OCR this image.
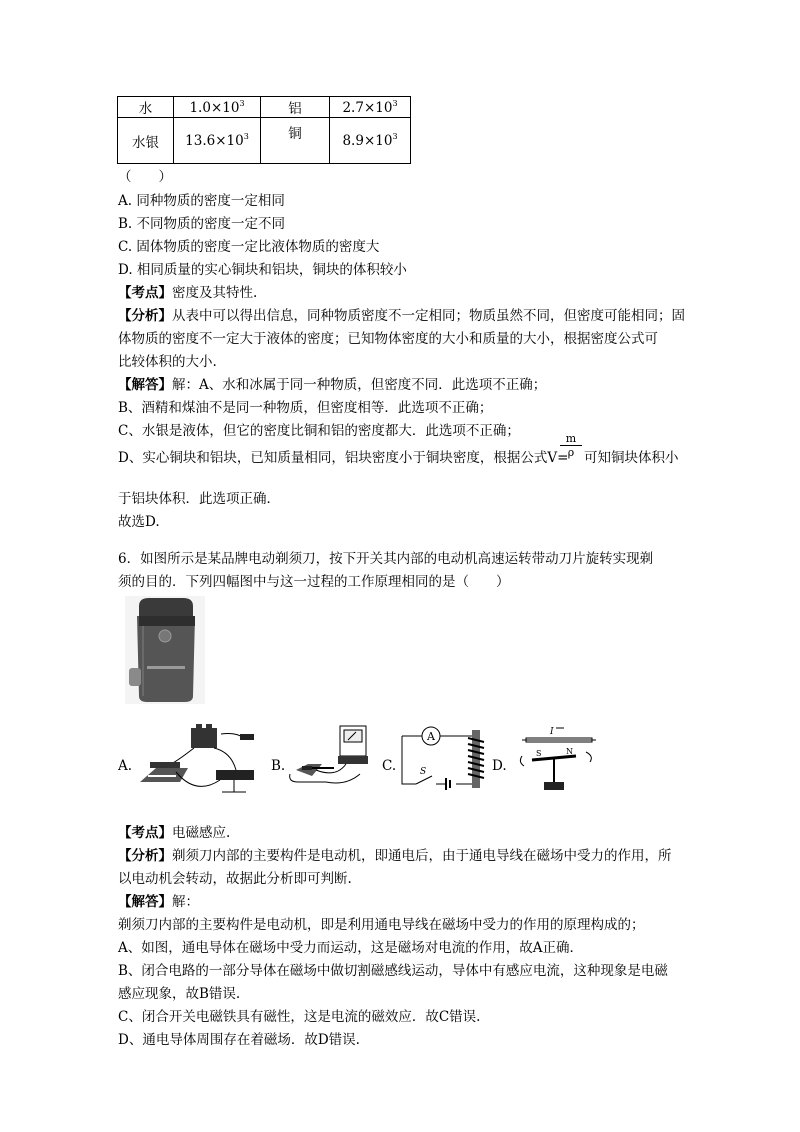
水	$1.0\times 10^3$	铝	$2.7\times 10^3$
水银	$13.6\times 10^3$	铜	$8.9\times 10^3$
（　　）
A. 同种物质的密度一定相同
B. 不同物质的密度一定不同
C. 固体物质的密度一定比液体物质的密度大
D. 相同质量的实心铜块和铝块，铜块的体积较小
【考点】密度及其特性.
【分析】从表中可以得出信息，同种物质密度不一定相同；物质虽然不同，但密度可能相同；固
体物质的密度不一定大于液体的密度；已知物体密度的大小和质量的大小，根据密度公式可
比较体积的大小.
【解答】解：A、水和冰属于同一种物质，但密度不同．此选项不正确；
B、酒精和煤油不是同一种物质，但密度相等．此选项不正确；
C、水银是液体，但它的密度比铜和铝的密度都大．此选项不正确；
D、实心铜块和铝块，已知质量相同，铝块密度小于铜块密度，根据公式V=
$\frac{m}{\rho}$ 可知铜块体积小
于铝块体积．此选项正确．
故选D.
6．如图所示是某品牌电动剃须刀，按下开关其内部的电动机高速运转带动刀片旋转实现剃
须的目的．下列四幅图中与这一过程的工作原理相同的是（　　）
A.	B.	C.	D.
A
S
I
S	N
【考点】电磁感应.
【分析】剃须刀内部的主要构件是电动机，即通电后，由于通电导线在磁场中受力的作用，所
以电动机会转动，故据此分析即可判断.
【解答】解：
剃须刀内部的主要构件是电动机，即是利用通电导线在磁场中受力的作用的原理构成的；
A、如图，通电导体在磁场中受力而运动，这是磁场对电流的作用，故A正确．
B、闭合电路的一部分导体在磁场中做切割磁感线运动，导体中有感应电流，这种现象是电磁
感应现象，故B错误.
C、闭合开关电磁铁具有磁性，这是电流的磁效应．故C错误.
D、通电导体周围存在着磁场．故D错误.
